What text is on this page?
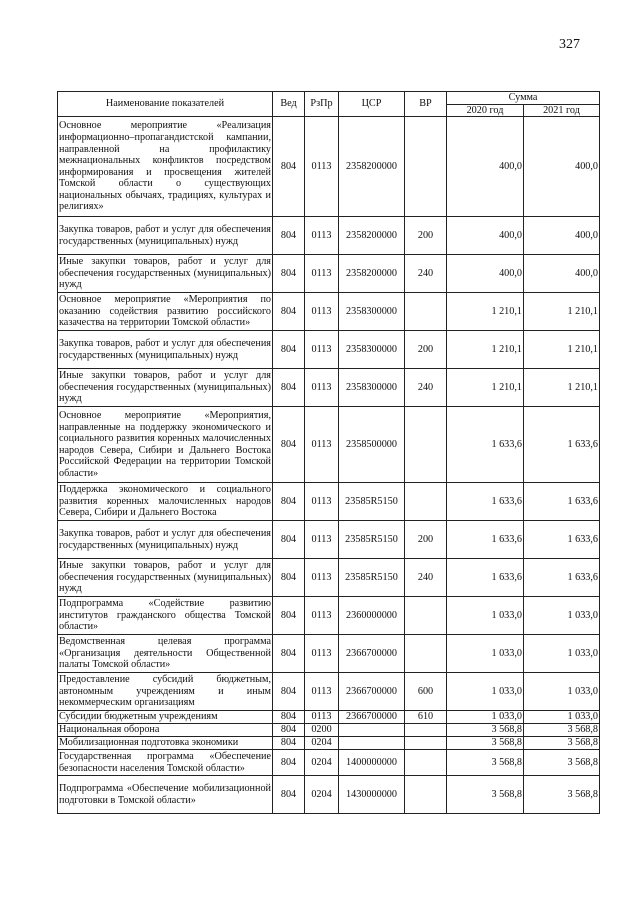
327
Наименование показателей	Вед	РзПр	ЦСР	ВР	Сумма	
					2020 год	2021 год
Основное мероприятие «Реализация информационно–пропагандистской кампании, направленной на профилактику межнациональных конфликтов посредством информирования и просвещения жителей Томской области о существующих национальных обычаях, традициях, культурах и религиях»	804	0113	2358200000		400,0	400,0
Закупка товаров, работ и услуг для обеспечения государственных (муниципальных) нужд	804	0113	2358200000	200	400,0	400,0
Иные закупки товаров, работ и услуг для обеспечения государственных (муниципальных) нужд	804	0113	2358200000	240	400,0	400,0
Основное мероприятие «Мероприятия по оказанию содействия развитию российского казачества на территории Томской области»	804	0113	2358300000		1 210,1	1 210,1
Закупка товаров, работ и услуг для обеспечения государственных (муниципальных) нужд	804	0113	2358300000	200	1 210,1	1 210,1
Иные закупки товаров, работ и услуг для обеспечения государственных (муниципальных) нужд	804	0113	2358300000	240	1 210,1	1 210,1
Основное мероприятие «Мероприятия, направленные на поддержку экономического и социального развития коренных малочисленных народов Севера, Сибири и Дальнего Востока Российской Федерации на территории Томской области»	804	0113	2358500000		1 633,6	1 633,6
Поддержка экономического и социального развития коренных малочисленных народов Севера, Сибири и Дальнего Востока	804	0113	23585R5150		1 633,6	1 633,6
Закупка товаров, работ и услуг для обеспечения государственных (муниципальных) нужд	804	0113	23585R5150	200	1 633,6	1 633,6
Иные закупки товаров, работ и услуг для обеспечения государственных (муниципальных) нужд	804	0113	23585R5150	240	1 633,6	1 633,6
Подпрограмма «Содействие развитию институтов гражданского общества Томской области»	804	0113	2360000000		1 033,0	1 033,0
Ведомственная целевая программа «Организация деятельности Общественной палаты Томской области»	804	0113	2366700000		1 033,0	1 033,0
Предоставление субсидий бюджетным, автономным учреждениям и иным некоммерческим организациям	804	0113	2366700000	600	1 033,0	1 033,0
Субсидии бюджетным учреждениям	804	0113	2366700000	610	1 033,0	1 033,0
Национальная оборона	804	0200			3 568,8	3 568,8
Мобилизационная подготовка экономики	804	0204			3 568,8	3 568,8
Государственная программа «Обеспечение безопасности населения Томской области»	804	0204	1400000000		3 568,8	3 568,8
Подпрограмма «Обеспечение мобилизационной подготовки в Томской области»	804	0204	1430000000		3 568,8	3 568,8
